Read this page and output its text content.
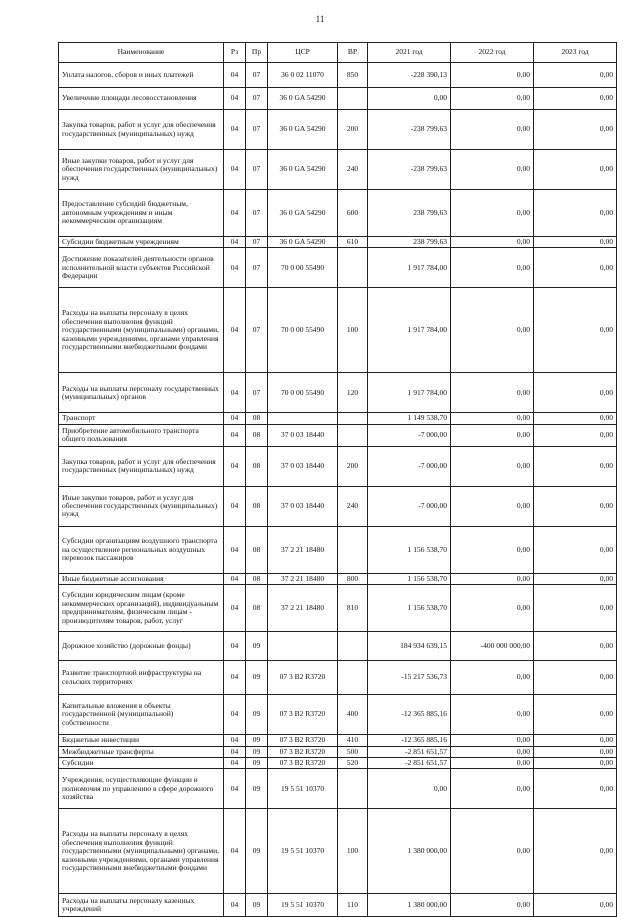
11
Наименование	Рз	Пр	ЦСР	ВР	2021 год	2022 год	2023 год
Уплата налогов, сборов и иных платежей	04	07	36 0 02 11070	850	-228 390,13	0,00	0,00
Увеличение площади лесовосстановления	04	07	36 0 GA 54290		0,00	0,00	0,00
Закупка товаров, работ и услуг для обеспечения государственных (муниципальных) нужд	04	07	36 0 GA 54290	200	-238 799,63	0,00	0,00
Иные закупки товаров, работ и услуг для обеспечения государственных (муниципальных) нужд	04	07	36 0 GA 54290	240	-238 799,63	0,00	0,00
Предоставление субсидий бюджетным, автономным учреждениям и иным некоммерческим организациям	04	07	36 0 GA 54290	600	238 799,63	0,00	0,00
Субсидии бюджетным учреждениям	04	07	36 0 GA 54290	610	238 799,63	0,00	0,00
Достижение показателей деятельности органов исполнительной власти субъектов Российской Федерации	04	07	70 0 00 55490		1 917 784,00	0,00	0,00
Расходы на выплаты персоналу в целях обеспечения выполнения функций государственными (муниципальными) органами, казенными учреждениями, органами управления государственными внебюджетными фондами	04	07	70 0 00 55490	100	1 917 784,00	0,00	0,00
Расходы на выплаты персоналу государственных (муниципальных) органов	04	07	70 0 00 55490	120	1 917 784,00	0,00	0,00
Транспорт	04	08			1 149 538,70	0,00	0,00
Приобретение автомобильного транспорта общего пользования	04	08	37 0 03 18440		-7 000,00	0,00	0,00
Закупка товаров, работ и услуг для обеспечения государственных (муниципальных) нужд	04	08	37 0 03 18440	200	-7 000,00	0,00	0,00
Иные закупки товаров, работ и услуг для обеспечения государственных (муниципальных) нужд	04	08	37 0 03 18440	240	-7 000,00	0,00	0,00
Субсидии организациям воздушного транспорта на осуществление региональных воздушных перевозок пассажиров	04	08	37 2 21 18480		1 156 538,70	0,00	0,00
Иные бюджетные ассигнования	04	08	37 2 21 18480	800	1 156 538,70	0,00	0,00
Субсидии юридическим лицам (кроме некоммерческих организаций), индивидуальным предпринимателям, физическим лицам - производителям товаров, работ, услуг	04	08	37 2 21 18480	810	1 156 538,70	0,00	0,00
Дорожное хозяйство (дорожные фонды)	04	09			184 934 639,15	-400 000 000,00	0,00
Развитие транспортной инфраструктуры на сельских территориях	04	09	07 3 B2 R3720		-15 217 536,73	0,00	0,00
Капитальные вложения в объекты государственной (муниципальной) собственности	04	09	07 3 B2 R3720	400	-12 365 885,16	0,00	0,00
Бюджетные инвестиции	04	09	07 3 B2 R3720	410	-12 365 885,16	0,00	0,00
Межбюджетные трансферты	04	09	07 3 B2 R3720	500	-2 851 651,57	0,00	0,00
Субсидии	04	09	07 3 B2 R3720	520	-2 851 651,57	0,00	0,00
Учреждения, осуществляющие функции и полномочия по управлению в сфере дорожного хозяйства	04	09	19 5 51 10370		0,00	0,00	0,00
Расходы на выплаты персоналу в целях обеспечения выполнения функций государственными (муниципальными) органами, казенными учреждениями, органами управления государственными внебюджетными фондами	04	09	19 5 51 10370	100	1 380 000,00	0,00	0,00
Расходы на выплаты персоналу казенных учреждений	04	09	19 5 51 10370	110	1 380 000,00	0,00	0,00
